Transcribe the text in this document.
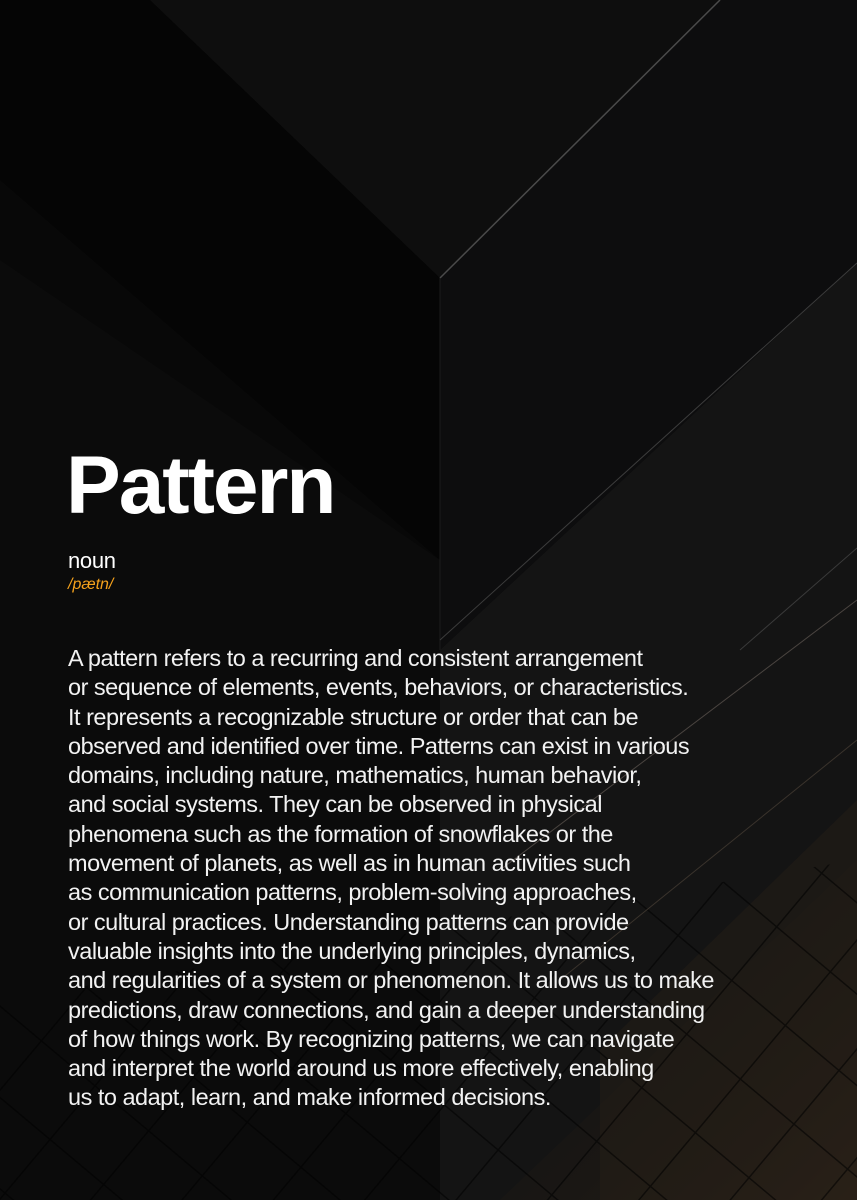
Pattern
noun
/pætn/

A pattern refers to a recurring and consistent arrangement
or sequence of elements, events, behaviors, or characteristics.
It represents a recognizable structure or order that can be
observed and identified over time. Patterns can exist in various
domains, including nature, mathematics, human behavior,
and social systems. They can be observed in physical
phenomena such as the formation of snowflakes or the
movement of planets, as well as in human activities such
as communication patterns, problem-solving approaches,
or cultural practices. Understanding patterns can provide
valuable insights into the underlying principles, dynamics,
and regularities of a system or phenomenon. It allows us to make
predictions, draw connections, and gain a deeper understanding
of how things work. By recognizing patterns, we can navigate
and interpret the world around us more effectively, enabling
us to adapt, learn, and make informed decisions.
